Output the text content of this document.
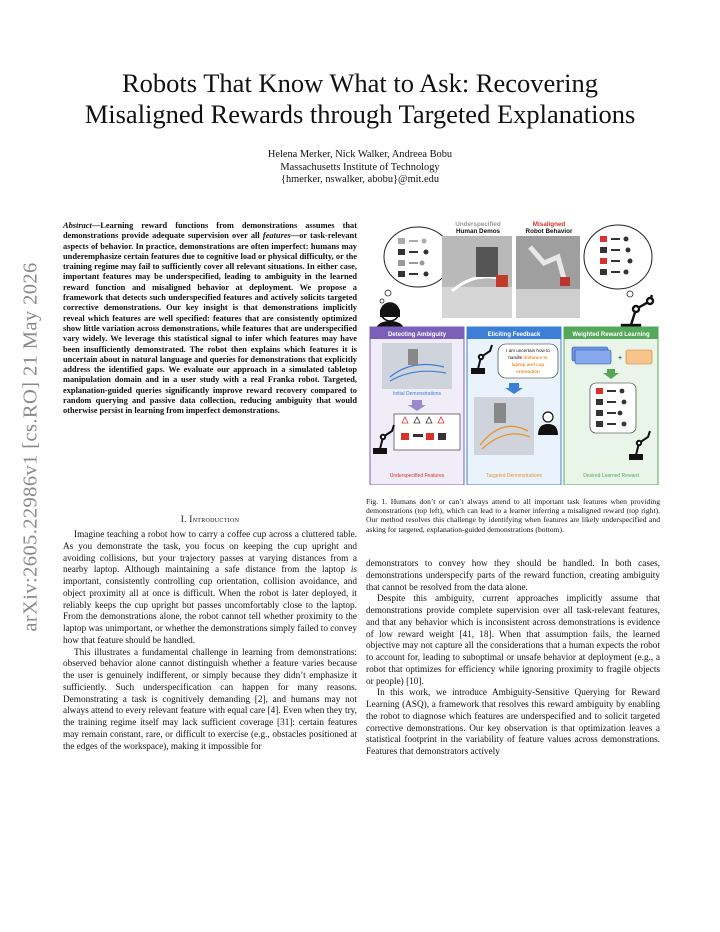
arXiv:2605.22986v1 [cs.RO] 21 May 2026
Robots That Know What to Ask: Recovering
Misaligned Rewards through Targeted Explanations
Helena Merker, Nick Walker, Andreea Bobu
Massachusetts Institute of Technology
{hmerker, nswalker, abobu}@mit.edu
Abstract—Learning reward functions from demonstrations assumes that demonstrations provide adequate supervision over all features—or task-relevant aspects of behavior. In practice, demonstrations are often imperfect: humans may underemphasize certain features due to cognitive load or physical difficulty, or the training regime may fail to sufficiently cover all relevant situations. In either case, important features may be underspecified, leading to ambiguity in the learned reward function and misaligned behavior at deployment. We propose a framework that detects such underspecified features and actively solicits targeted corrective demonstrations. Our key insight is that demonstrations implicitly reveal which features are well specified: features that are consistently optimized show little variation across demonstrations, while features that are underspecified vary widely. We leverage this statistical signal to infer which features may have been insufficiently demonstrated. The robot then explains which features it is uncertain about in natural language and queries for demonstrations that explicitly address the identified gaps. We evaluate our approach in a simulated tabletop manipulation domain and in a user study with a real Franka robot. Targeted, explanation-guided queries significantly improve reward recovery compared to random querying and passive data collection, reducing ambiguity that would otherwise persist in learning from imperfect demonstrations.
I. Introduction

Imagine teaching a robot how to carry a coffee cup across a cluttered table. As you demonstrate the task, you focus on keeping the cup upright and avoiding collisions, but your trajectory passes at varying distances from a nearby laptop. Although maintaining a safe distance from the laptop is important, consistently controlling cup orientation, collision avoidance, and object proximity all at once is difficult. When the robot is later deployed, it reliably keeps the cup upright but passes uncomfortably close to the laptop. From the demonstrations alone, the robot cannot tell whether proximity to the laptop was unimportant, or whether the demonstrations simply failed to convey how that feature should be handled.

This illustrates a fundamental challenge in learning from demonstrations: observed behavior alone cannot distinguish whether a feature varies because the user is genuinely indifferent, or simply because they didn’t emphasize it sufficiently. Such underspecification can happen for many reasons. Demonstrating a task is cognitively demanding [2], and humans may not always attend to every relevant feature with equal care [4]. Even when they try, the training regime itself may lack sufficient coverage [31]: certain features may remain constant, rare, or difficult to exercise (e.g., obstacles positioned at the edges of the workspace), making it impossible for

Underspecified
Human Demos
Misaligned
Robot Behavior
Detecting Ambiguity
Initial Demonstrations
Underspecified Features
Eliciting Feedback
I am uncertain how to
handle distance to
laptop and cup
orientation
Targeted Demonstrations
Weighted Reward Learning
+
Desired Learned Reward
Fig. 1. Humans don’t or can’t always attend to all important task features when providing demonstrations (top left), which can lead to a learner inferring a misaligned reward (top right). Our method resolves this challenge by identifying when features are likely underspecified and asking for targeted, explanation-guided demonstrations (bottom).

demonstrators to convey how they should be handled. In both cases, demonstrations underspecify parts of the reward function, creating ambiguity that cannot be resolved from the data alone.

Despite this ambiguity, current approaches implicitly assume that demonstrations provide complete supervision over all task-relevant features, and that any behavior which is inconsistent across demonstrations is evidence of low reward weight [41, 18]. When that assumption fails, the learned objective may not capture all the considerations that a human expects the robot to account for, leading to suboptimal or unsafe behavior at deployment (e.g., a robot that optimizes for efficiency while ignoring proximity to fragile objects or people) [10].

In this work, we introduce Ambiguity-Sensitive Querying for Reward Learning (ASQ), a framework that resolves this reward ambiguity by enabling the robot to diagnose which features are underspecified and to solicit targeted corrective demonstrations. Our key observation is that optimization leaves a statistical footprint in the variability of feature values across demonstrations. Features that demonstrators actively
